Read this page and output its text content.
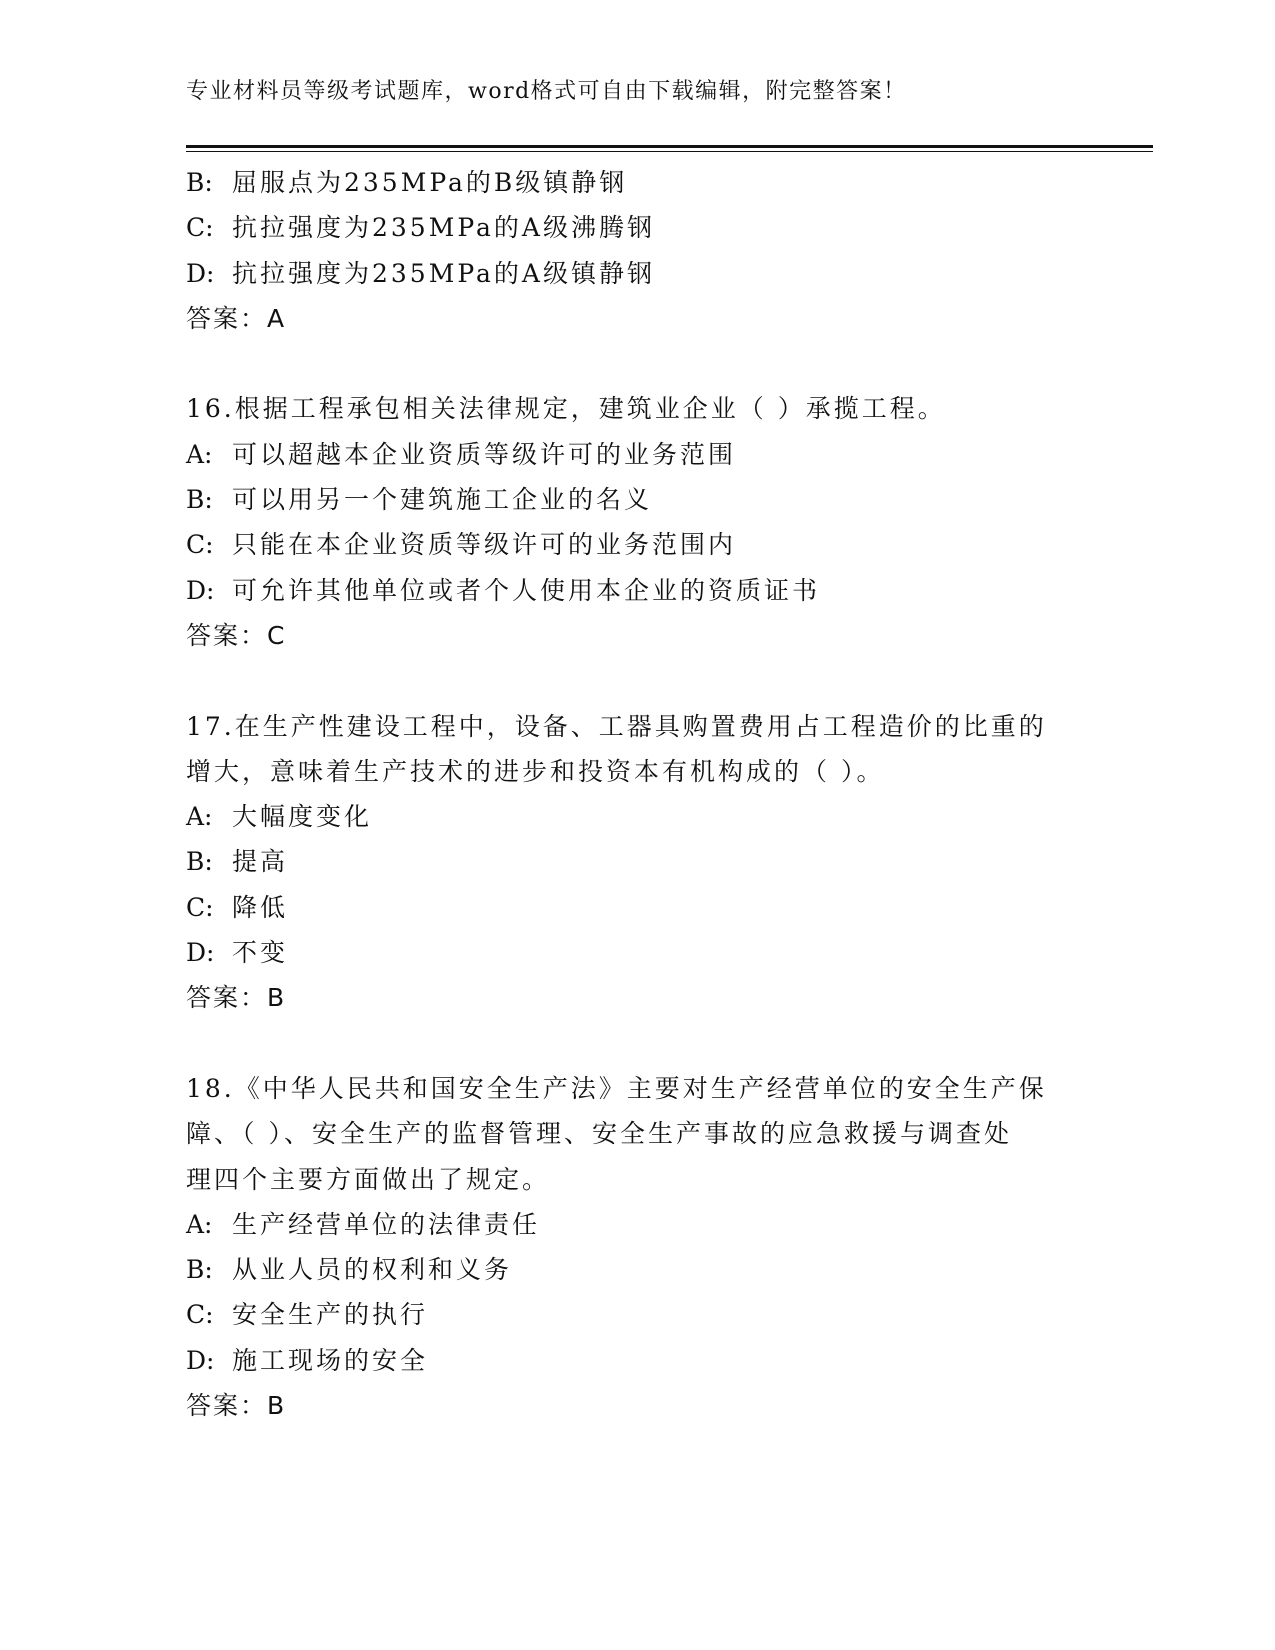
专业材料员等级考试题库，word格式可自由下载编辑，附完整答案！
B: 屈服点为235MPa的B级镇静钢
C: 抗拉强度为235MPa的A级沸腾钢
D: 抗拉强度为235MPa的A级镇静钢
答案：A
16.根据工程承包相关法律规定，建筑业企业（ ）承揽工程。
A: 可以超越本企业资质等级许可的业务范围
B: 可以用另一个建筑施工企业的名义
C: 只能在本企业资质等级许可的业务范围内
D: 可允许其他单位或者个人使用本企业的资质证书
答案：C
17.在生产性建设工程中，设备、工器具购置费用占工程造价的比重的
增大，意味着生产技术的进步和投资本有机构成的（ ）。
A: 大幅度变化
B: 提高
C: 降低
D: 不变
答案：B
18.《中华人民共和国安全生产法》主要对生产经营单位的安全生产保
障、（ ）、安全生产的监督管理、安全生产事故的应急救援与调查处
理四个主要方面做出了规定。
A: 生产经营单位的法律责任
B: 从业人员的权利和义务
C: 安全生产的执行
D: 施工现场的安全
答案：B
